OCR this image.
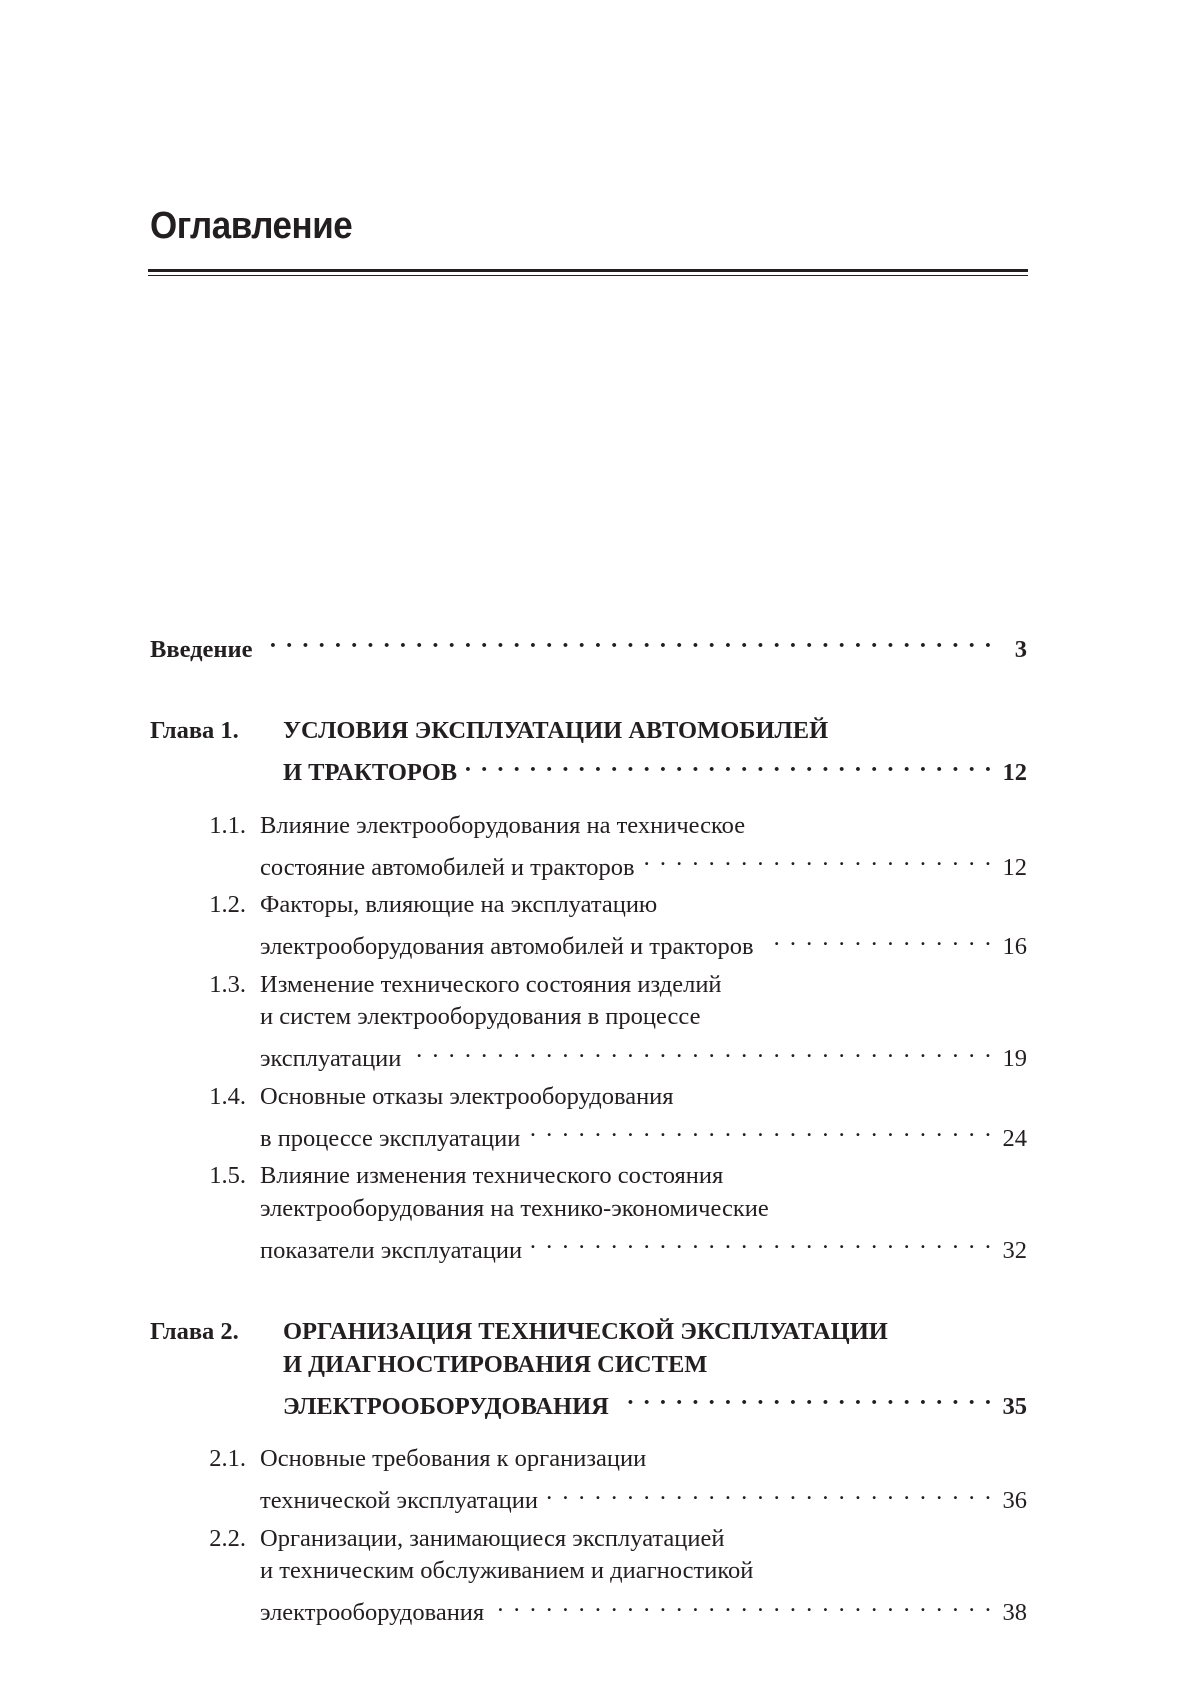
Оглавление
Введение . . .	3
Глава 1. УСЛОВИЯ ЭКСПЛУАТАЦИИ АВТОМОБИЛЕЙ
И ТРАКТОРОВ . . .	12
1.1. Влияние электрооборудования на техническое
состояние автомобилей и тракторов . . .	12
1.2. Факторы, влияющие на эксплуатацию
электрооборудования автомобилей и тракторов . . .	16
1.3. Изменение технического состояния изделий
и систем электрооборудования в процессе
эксплуатации . . .	19
1.4. Основные отказы электрооборудования
в процессе эксплуатации . . .	24
1.5. Влияние изменения технического состояния
электрооборудования на технико-экономические
показатели эксплуатации . . .	32
Глава 2. ОРГАНИЗАЦИЯ ТЕХНИЧЕСКОЙ ЭКСПЛУАТАЦИИ
И ДИАГНОСТИРОВАНИЯ СИСТЕМ
ЭЛЕКТРООБОРУДОВАНИЯ . . .	35
2.1. Основные требования к организации
технической эксплуатации . . .	36
2.2. Организации, занимающиеся эксплуатацией
и техническим обслуживанием и диагностикой
электрооборудования . . .	38
